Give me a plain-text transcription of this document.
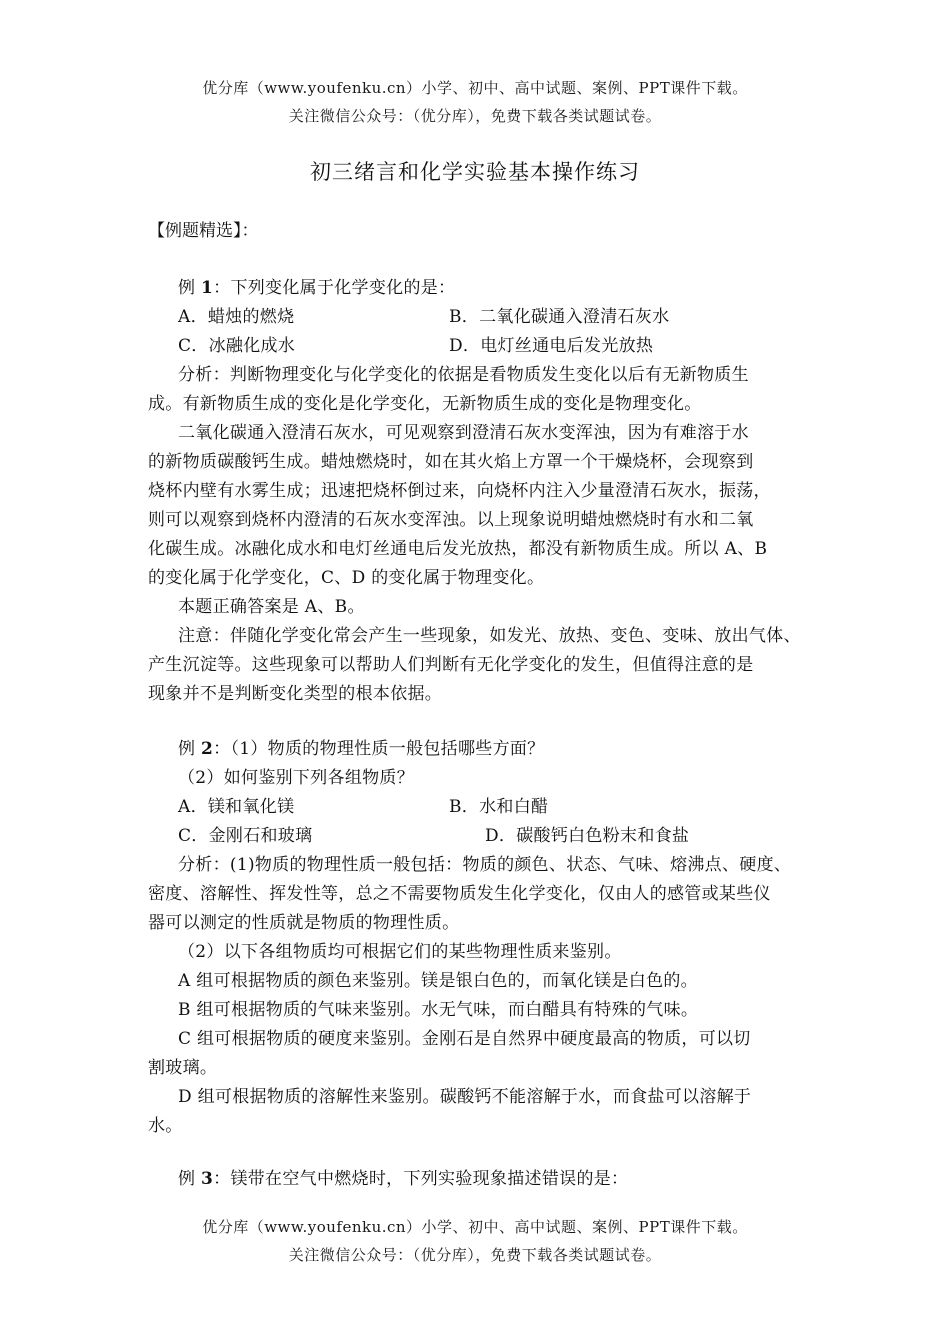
优分库（www.youfenku.cn）小学、初中、高中试题、案例、PPT课件下载。
关注微信公众号：（优分库），免费下载各类试题试卷。
初三绪言和化学实验基本操作练习
【例题精选】：
例 1：下列变化属于化学变化的是：
A．蜡烛的燃烧	B．二氧化碳通入澄清石灰水
C．冰融化成水	D．电灯丝通电后发光放热
分析：判断物理变化与化学变化的依据是看物质发生变化以后有无新物质生
成。有新物质生成的变化是化学变化，无新物质生成的变化是物理变化。
二氧化碳通入澄清石灰水，可见观察到澄清石灰水变浑浊，因为有难溶于水
的新物质碳酸钙生成。蜡烛燃烧时，如在其火焰上方罩一个干燥烧杯，会现察到
烧杯内壁有水雾生成；迅速把烧杯倒过来，向烧杯内注入少量澄清石灰水，振荡，
则可以观察到烧杯内澄清的石灰水变浑浊。以上现象说明蜡烛燃烧时有水和二氧
化碳生成。冰融化成水和电灯丝通电后发光放热，都没有新物质生成。所以 A、B
的变化属于化学变化，C、D 的变化属于物理变化。
本题正确答案是 A、B。
注意：伴随化学变化常会产生一些现象，如发光、放热、变色、变味、放出气体、
产生沉淀等。这些现象可以帮助人们判断有无化学变化的发生，但值得注意的是
现象并不是判断变化类型的根本依据。
例 2：（1）物质的物理性质一般包括哪些方面？
（2）如何鉴别下列各组物质？
A．镁和氧化镁	B．水和白醋
C．金刚石和玻璃	D．碳酸钙白色粉末和食盐
分析：(1)物质的物理性质一般包括：物质的颜色、状态、气味、熔沸点、硬度、
密度、溶解性、挥发性等，总之不需要物质发生化学变化，仅由人的感管或某些仪
器可以测定的性质就是物质的物理性质。
（2）以下各组物质均可根据它们的某些物理性质来鉴别。
A 组可根据物质的颜色来鉴别。镁是银白色的，而氧化镁是白色的。
B 组可根据物质的气味来鉴别。水无气味，而白醋具有特殊的气味。
C 组可根据物质的硬度来鉴别。金刚石是自然界中硬度最高的物质，可以切
割玻璃。
D 组可根据物质的溶解性来鉴别。碳酸钙不能溶解于水，而食盐可以溶解于
水。
例 3：镁带在空气中燃烧时，下列实验现象描述错误的是：
优分库（www.youfenku.cn）小学、初中、高中试题、案例、PPT课件下载。
关注微信公众号：（优分库），免费下载各类试题试卷。
